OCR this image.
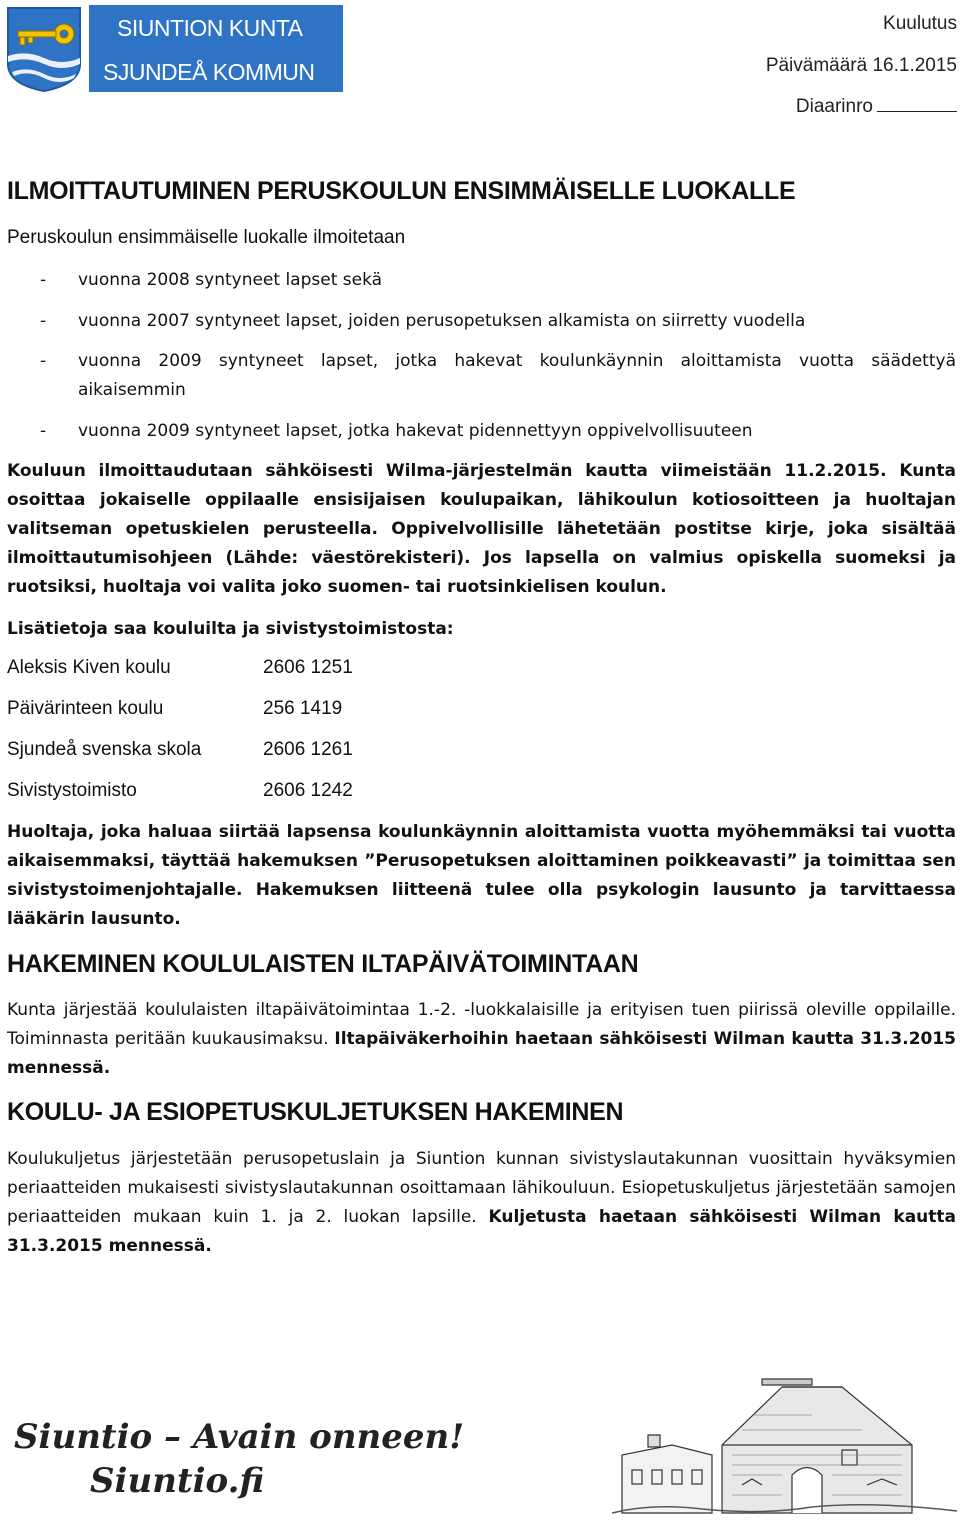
SIUNTION KUNTA
SJUNDEÅ KOMMUN
Kuulutus
Päivämäärä 16.1.2015
Diaarinro
ILMOITTAUTUMINEN PERUSKOULUN ENSIMMÄISELLE LUOKALLE
Peruskoulun ensimmäiselle luokalle ilmoitetaan
- vuonna 2008 syntyneet lapset sekä
- vuonna 2007 syntyneet lapset, joiden perusopetuksen alkamista on siirretty vuodella
- vuonna 2009 syntyneet lapset, jotka hakevat koulunkäynnin aloittamista vuotta säädettyä aikaisemmin
- vuonna 2009 syntyneet lapset, jotka hakevat pidennettyyn oppivelvollisuuteen
Kouluun ilmoittaudutaan sähköisesti Wilma-järjestelmän kautta viimeistään 11.2.2015. Kunta osoittaa jokaiselle oppilaalle ensisijaisen koulupaikan, lähikoulun kotiosoitteen ja huoltajan valitseman opetuskielen perusteella. Oppivelvollisille lähetetään postitse kirje, joka sisältää ilmoittautumisohjeen (Lähde: väestörekisteri). Jos lapsella on valmius opiskella suomeksi ja ruotsiksi, huoltaja voi valita joko suomen- tai ruotsinkielisen koulun.
Lisätietoja saa kouluilta ja sivistystoimistosta:
Aleksis Kiven koulu	2606 1251
Päivärinteen koulu	256 1419
Sjundeå svenska skola	2606 1261
Sivistystoimisto	2606 1242
Huoltaja, joka haluaa siirtää lapsensa koulunkäynnin aloittamista vuotta myöhemmäksi tai vuotta aikaisemmaksi, täyttää hakemuksen ”Perusopetuksen aloittaminen poikkeavasti” ja toimittaa sen sivistystoimenjohtajalle. Hakemuksen liitteenä tulee olla psykologin lausunto ja tarvittaessa lääkärin lausunto.
HAKEMINEN KOULULAISTEN ILTAPÄIVÄTOIMINTAAN
Kunta järjestää koululaisten iltapäivätoimintaa 1.-2. -luokkalaisille ja erityisen tuen piirissä oleville oppilaille. Toiminnasta peritään kuukausimaksu. Iltapäiväkerhoihin haetaan sähköisesti Wilman kautta 31.3.2015 mennessä.
KOULU- JA ESIOPETUSKULJETUKSEN HAKEMINEN
Koulukuljetus järjestetään perusopetuslain ja Siuntion kunnan sivistyslautakunnan vuosittain hyväksymien periaatteiden mukaisesti sivistyslautakunnan osoittamaan lähikouluun. Esiopetuskuljetus järjestetään samojen periaatteiden mukaan kuin 1. ja 2. luokan lapsille. Kuljetusta haetaan sähköisesti Wilman kautta 31.3.2015 mennessä.
Siuntio – Avain onneen!
Siuntio.fi
